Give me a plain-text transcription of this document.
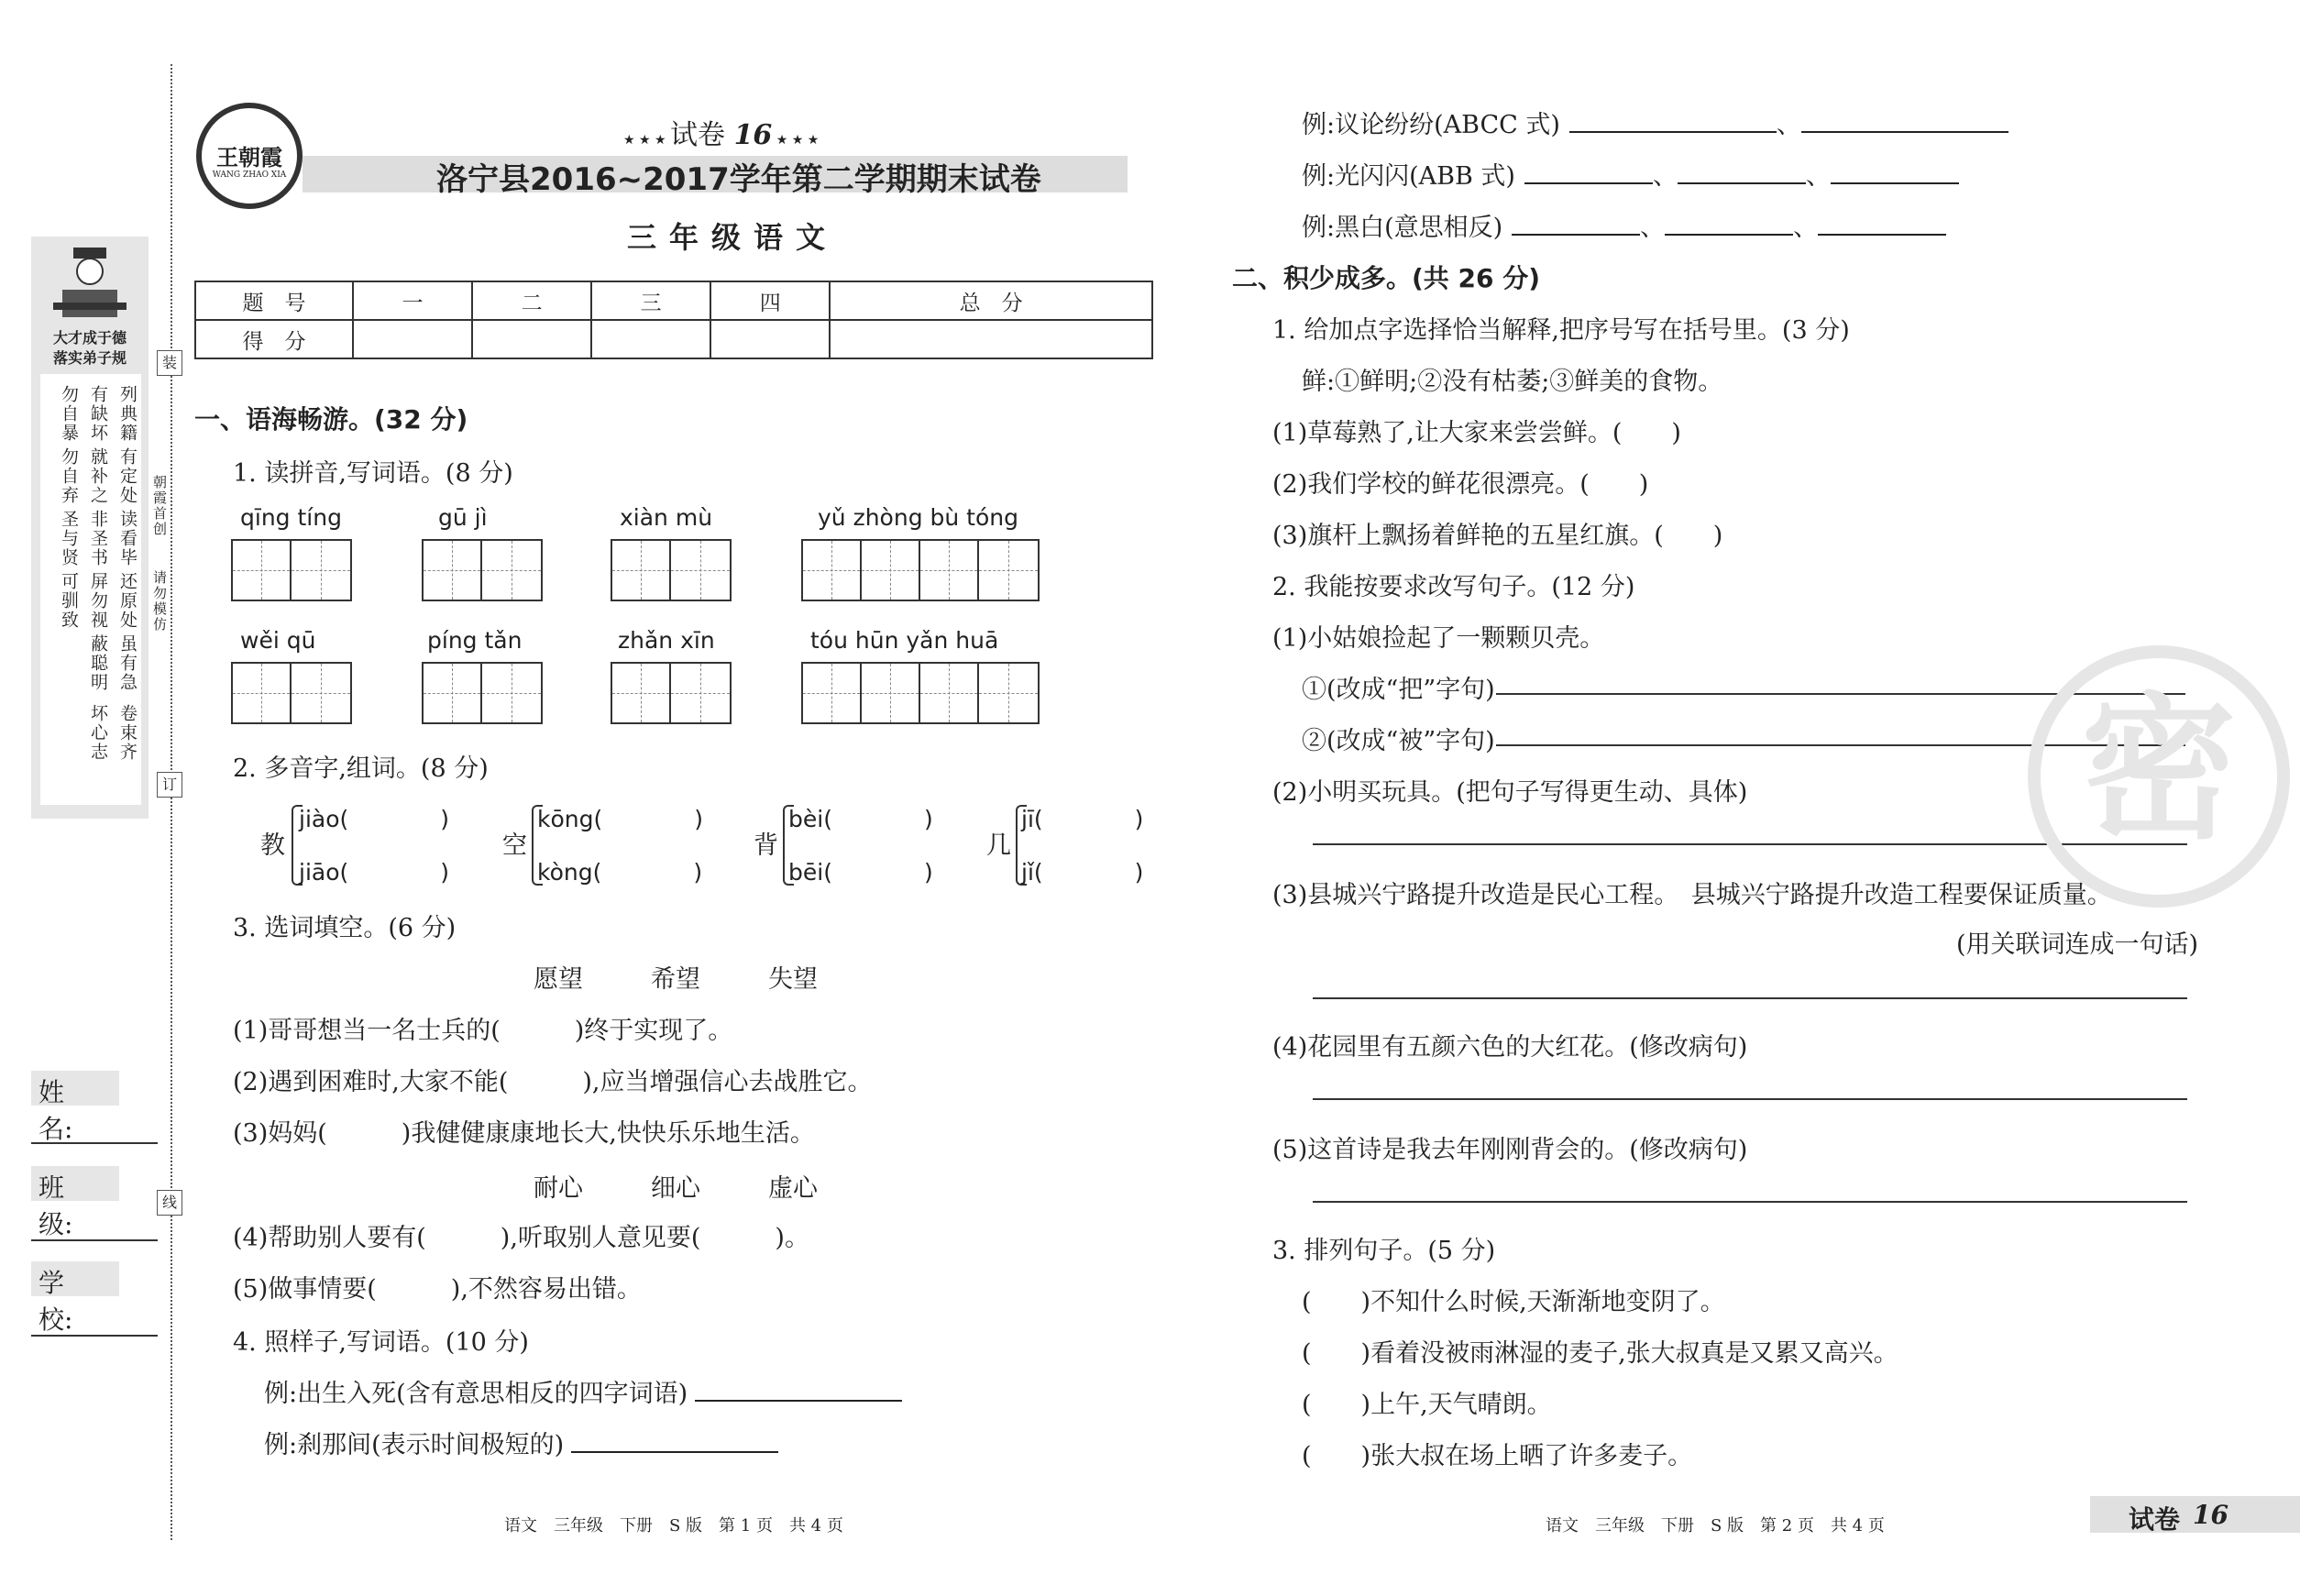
大才成于德
落实弟子规
勿自暴 有缺坏 列典籍
勿自弃 就补之 有定处
圣与贤 非圣书 读看毕
可驯致 屏勿视 还原处
蔽聪明 虽有急
坏心志 卷束齐
姓　名:
班　级:
学　校:
装
订
线
朝霞首创
请勿模仿
王朝霞
WANG ZHAO XIA
★ ★ ★ 试卷 16 ★ ★ ★
洛宁县2016~2017学年第二学期期末试卷
三年级语文
题　号	一	二	三	四	总　分
得　分					
一、语海畅游。(32 分)
1. 读拼音,写词语。(8 分)
qīng tíng	gū jì	xiàn mù	yǔ zhòng bù tóng
wěi qū	píng tǎn	zhǎn xīn	tóu hūn yǎn huā
2. 多音字,组词。(8 分)
教
jiào(　　　　)
jiāo(　　　　)
空
kōng(　　　　)
kòng(　　　　)
背
bèi(　　　　)
bēi(　　　　)
几
jī(　　　　)
jǐ(　　　　)
3. 选词填空。(6 分)
愿望	希望	失望
(1)哥哥想当一名士兵的(　　　)终于实现了。
(2)遇到困难时,大家不能(　　　),应当增强信心去战胜它。
(3)妈妈(　　　)我健健康康地长大,快快乐乐地生活。
耐心	细心	虚心
(4)帮助别人要有(　　　),听取别人意见要(　　　)。
(5)做事情要(　　　),不然容易出错。
4. 照样子,写词语。(10 分)
例:出生入死(含有意思相反的四字词语)
例:刹那间(表示时间极短的)
语文　三年级　下册　S 版　第 1 页　共 4 页
例:议论纷纷(ABCC 式)	、
例:光闪闪(ABB 式)	、	、
例:黑白(意思相反)	、	、
二、积少成多。(共 26 分)
1. 给加点字选择恰当解释,把序号写在括号里。(3 分)
鲜:①鲜明;②没有枯萎;③鲜美的食物。
(1)草莓熟了,让大家来尝尝鲜。(　　)
(2)我们学校的鲜花很漂亮。(　　)
(3)旗杆上飘扬着鲜艳的五星红旗。(　　)
2. 我能按要求改写句子。(12 分)
(1)小姑娘捡起了一颗颗贝壳。
①(改成“把”字句)
②(改成“被”字句)
(2)小明买玩具。(把句子写得更生动、具体)
(3)县城兴宁路提升改造是民心工程。　县城兴宁路提升改造工程要保证质量。
(用关联词连成一句话)
(4)花园里有五颜六色的大红花。(修改病句)
(5)这首诗是我去年刚刚背会的。(修改病句)
3. 排列句子。(5 分)
(　　)不知什么时候,天渐渐地变阴了。
(　　)看着没被雨淋湿的麦子,张大叔真是又累又高兴。
(　　)上午,天气晴朗。
(　　)张大叔在场上晒了许多麦子。
密
语文　三年级　下册　S 版　第 2 页　共 4 页	试卷 16
